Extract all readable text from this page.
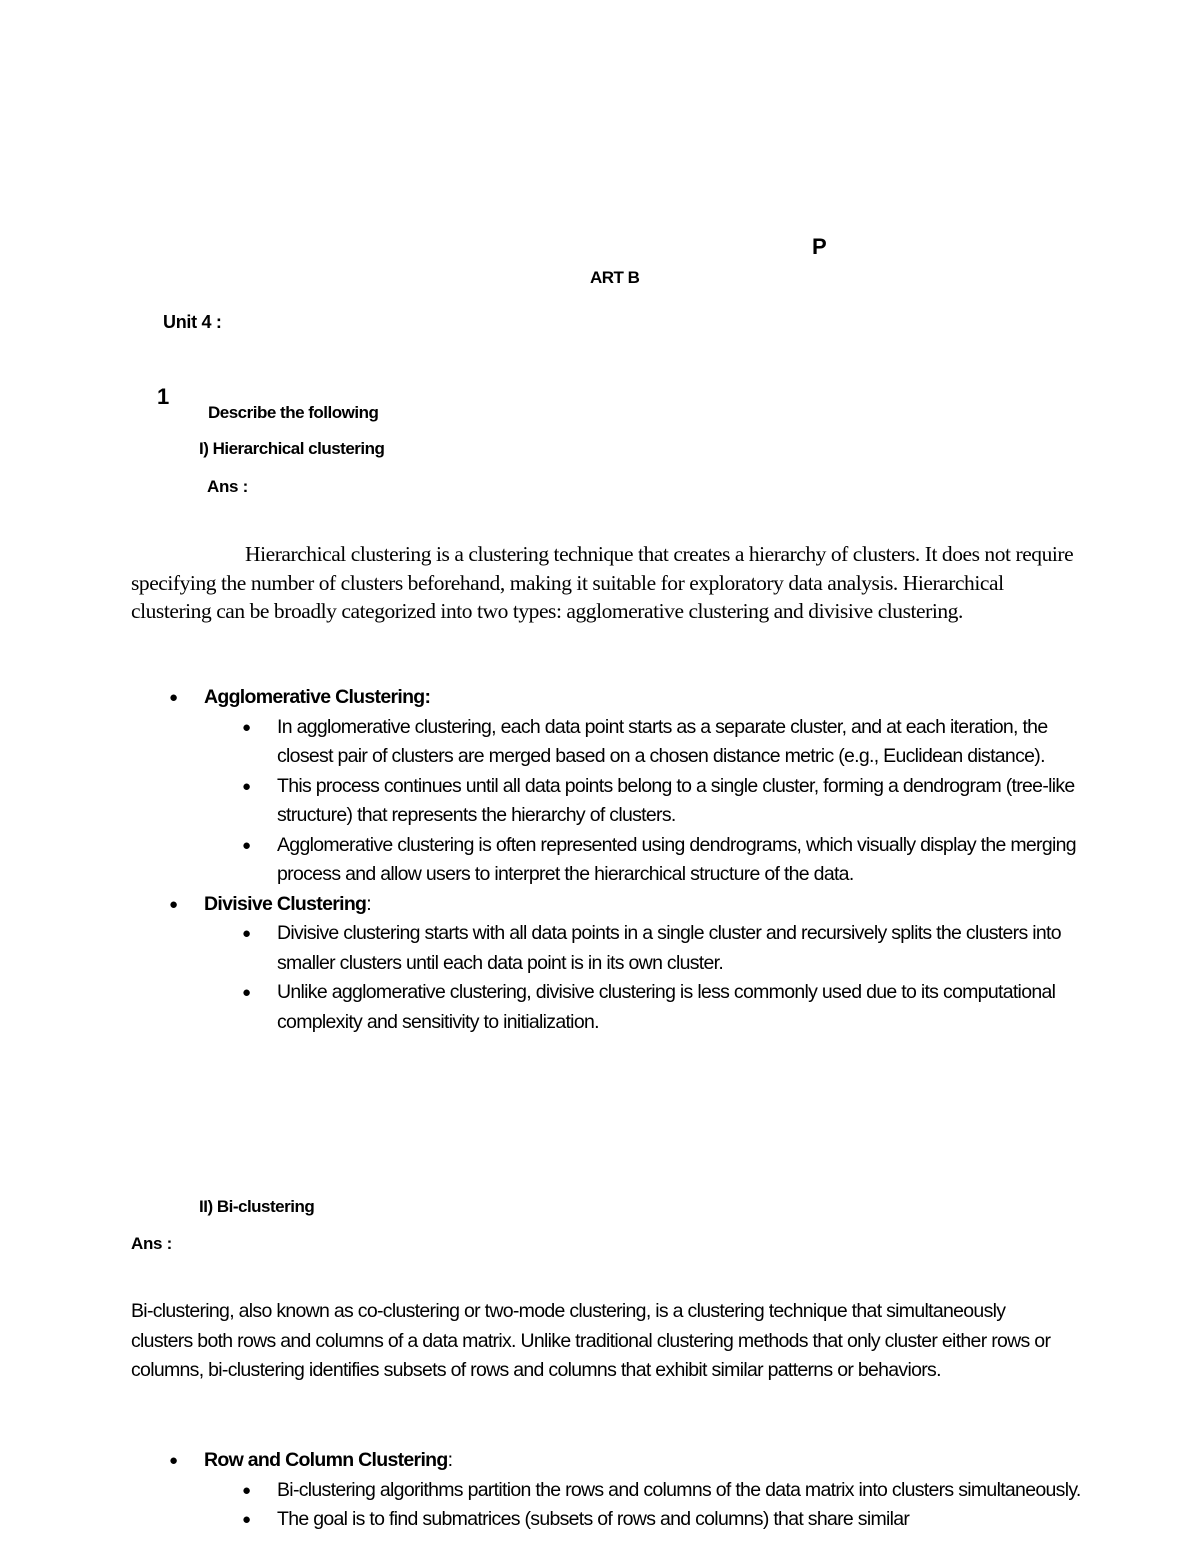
P
ART B
Unit 4 :
1
Describe the following
I) Hierarchical clustering
Ans :
Hierarchical clustering is a clustering technique that creates a hierarchy of clusters. It does not require specifying the number of clusters beforehand, making it suitable for exploratory data analysis. Hierarchical clustering can be broadly categorized into two types: agglomerative clustering and divisive clustering.
● Agglomerative Clustering:
● In agglomerative clustering, each data point starts as a separate cluster, and at each iteration, the closest pair of clusters are merged based on a chosen distance metric (e.g., Euclidean distance).
● This process continues until all data points belong to a single cluster, forming a dendrogram (tree-like structure) that represents the hierarchy of clusters.
● Agglomerative clustering is often represented using dendrograms, which visually display the merging process and allow users to interpret the hierarchical structure of the data.
● Divisive Clustering:
● Divisive clustering starts with all data points in a single cluster and recursively splits the clusters into smaller clusters until each data point is in its own cluster.
● Unlike agglomerative clustering, divisive clustering is less commonly used due to its computational complexity and sensitivity to initialization.
II) Bi-clustering
Ans :
Bi-clustering, also known as co-clustering or two-mode clustering, is a clustering technique that simultaneously clusters both rows and columns of a data matrix. Unlike traditional clustering methods that only cluster either rows or columns, bi-clustering identifies subsets of rows and columns that exhibit similar patterns or behaviors.
● Row and Column Clustering:
● Bi-clustering algorithms partition the rows and columns of the data matrix into clusters simultaneously.
● The goal is to find submatrices (subsets of rows and columns) that share similar
